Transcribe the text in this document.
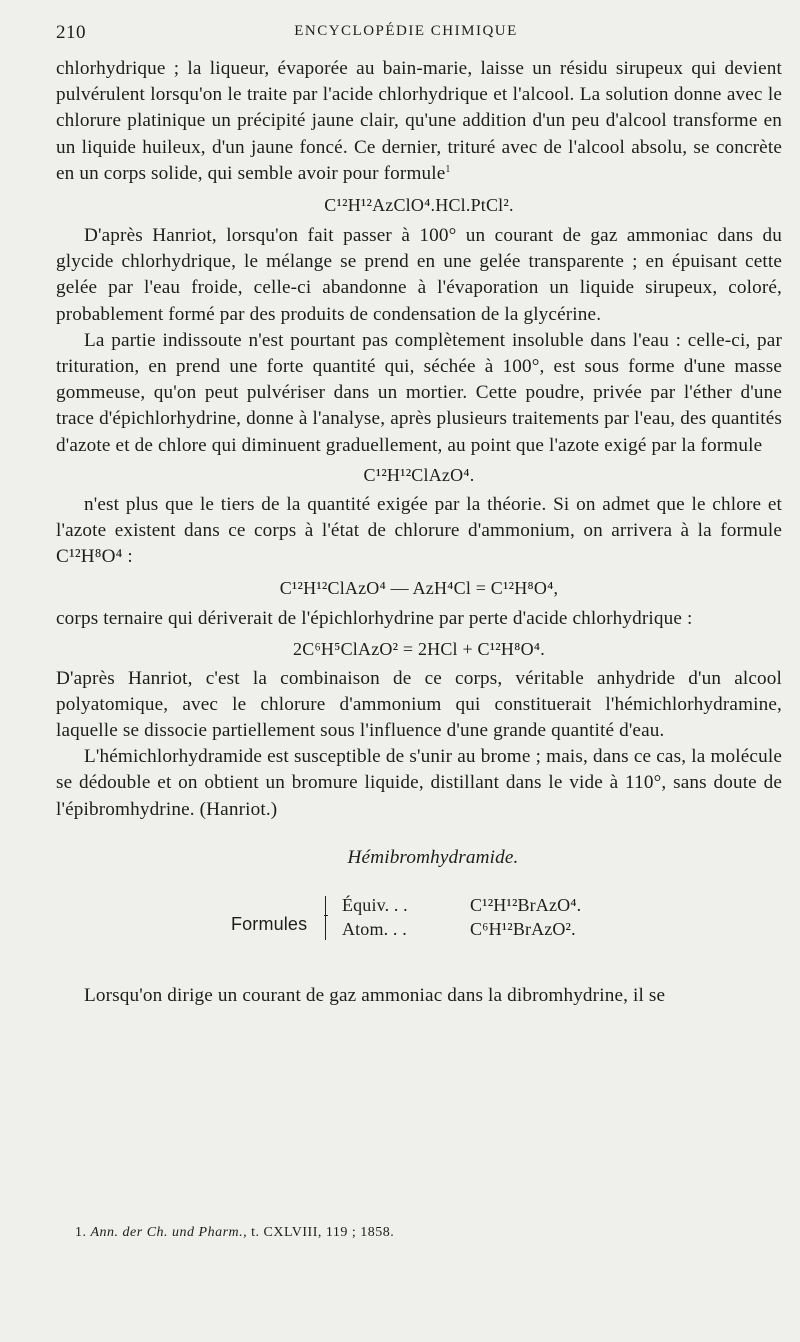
210	ENCYCLOPÉDIE CHIMIQUE

chlorhydrique ; la liqueur, évaporée au bain-marie, laisse un résidu sirupeux qui devient pulvérulent lorsqu'on le traite par l'acide chlorhydrique et l'alcool. La solution donne avec le chlorure platinique un précipité jaune clair, qu'une addition d'un peu d'alcool transforme en un liquide huileux, d'un jaune foncé. Ce dernier, trituré avec de l'alcool absolu, se concrète en un corps solide, qui semble avoir pour formule$^1$

C¹²H¹²AzClO⁴.HCl.PtCl².

D'après Hanriot, lorsqu'on fait passer à 100° un courant de gaz ammoniac dans du glycide chlorhydrique, le mélange se prend en une gelée transparente ; en épuisant cette gelée par l'eau froide, celle-ci abandonne à l'évaporation un liquide sirupeux, coloré, probablement formé par des produits de condensation de la glycérine.

La partie indissoute n'est pourtant pas complètement insoluble dans l'eau : celle-ci, par trituration, en prend une forte quantité qui, séchée à 100°, est sous forme d'une masse gommeuse, qu'on peut pulvériser dans un mortier. Cette poudre, privée par l'éther d'une trace d'épichlorhydrine, donne à l'analyse, après plusieurs traitements par l'eau, des quantités d'azote et de chlore qui diminuent graduellement, au point que l'azote exigé par la formule

C¹²H¹²ClAzO⁴.

n'est plus que le tiers de la quantité exigée par la théorie. Si on admet que le chlore et l'azote existent dans ce corps à l'état de chlorure d'ammonium, on arrivera à la formule C¹²H⁸O⁴ :

C¹²H¹²ClAzO⁴ — AzH⁴Cl = C¹²H⁸O⁴,

corps ternaire qui dériverait de l'épichlorhydrine par perte d'acide chlorhydrique :

2C⁶H⁵ClAzO² = 2HCl + C¹²H⁸O⁴.

D'après Hanriot, c'est la combinaison de ce corps, véritable anhydride d'un alcool polyatomique, avec le chlorure d'ammonium qui constituerait l'hémichlorhydramine, laquelle se dissocie partiellement sous l'influence d'une grande quantité d'eau.

L'hémichlorhydramide est susceptible de s'unir au brome ; mais, dans ce cas, la molécule se dédouble et on obtient un bromure liquide, distillant dans le vide à 110°, sans doute de l'épibromhydrine. (Hanriot.)

Hémibromhydramide.
Formules
Équiv. . .	C¹²H¹²BrAzO⁴.
Atom. . .	C⁶H¹²BrAzO².

Lorsqu'on dirige un courant de gaz ammoniac dans la dibromhydrine, il se

1. Ann. der Ch. und Pharm., t. CXLVIII, 119 ; 1858.
